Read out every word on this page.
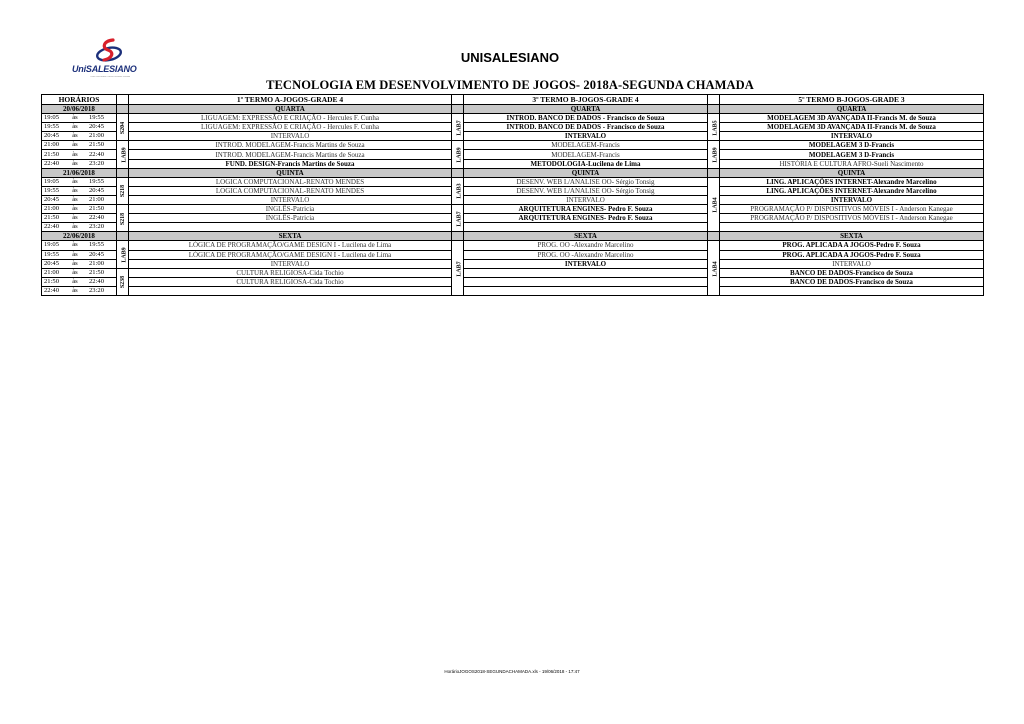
UniSALESIANO
Centro Universitário Católico Salesiano Auxilium
UNISALESIANO
TECNOLOGIA EM DESENVOLVIMENTO DE JOGOS- 2018A-SEGUNDA CHAMADA
HORÁRIOS		1º TERMO A-JOGOS-GRADE 4		3º TERMO B-JOGOS-GRADE 4		5º TERMO B-JOGOS-GRADE 3
20/06/2018		QUARTA		QUARTA		QUARTA
19:05 às 19:55	S204	LIGUAGEM: EXPRESSÃO E CRIAÇÃO - Hercules F. Cunha	LAB7	INTROD. BANCO DE DADOS - Francisco de Souza	LAB5	MODELAGEM 3D AVANÇADA II-Francis M. de Souza
19:55 às 20:45		LIGUAGEM: EXPRESSÃO E CRIAÇÃO - Hercules F. Cunha		INTROD. BANCO DE DADOS - Francisco de Souza		MODELAGEM 3D AVANÇADA II-Francis M. de Souza
20:45 às 21:00		INTERVALO		INTERVALO		INTERVALO
21:00 às 21:50	LAB9	INTROD. MODELAGEM-Francis Martins de Souza	LAB9	MODELAGEM-Francis	LAB9	MODELAGEM 3 D-Francis
21:50 às 22:40		INTROD. MODELAGEM-Francis Martins de Souza		MODELAGEM-Francis		MODELAGEM 3 D-Francis
22:40 às 23:20		FUND. DESIGN-Francis Martins de Souza		METODOLOGIA-Lucilena de Lima		HISTÓRIA E CULTURA AFRO-Sueli Nascimento
21/06/2018		QUINTA		QUINTA		QUINTA
19:05 às 19:55	S218	LOGICA COMPUTACIONAL-RENATO MENDES	LAB3	DESENV. WEB I./ANALISE OO- Sérgio Tonsig	LAB4	LING. APLICAÇÕES INTERNET-Alexandre Marcelino
19:55 às 20:45		LOGICA COMPUTACIONAL-RENATO MENDES		DESENV. WEB I./ANALISE OO- Sérgio Tonsig		LING. APLICAÇÕES INTERNET-Alexandre Marcelino
20:45 às 21:00		INTERVALO		INTERVALO		INTERVALO
21:00 às 21:50	S218	INGLÊS-Patricia	LAB7	ARQUITETURA ENGINES- Pedro F. Souza		PROGRAMAÇÃO P/ DISPOSITIVOS MÓVEIS I - Anderson Kanegae
21:50 às 22:40		INGLÊS-Patricia		ARQUITETURA ENGINES- Pedro F. Souza		PROGRAMAÇÃO P/ DISPOSITIVOS MÓVEIS I - Anderson Kanegae
22:40 às 23:20						
22/06/2018		SEXTA		SEXTA		SEXTA
19:05 às 19:55	LAB9	LÓGICA DE PROGRAMAÇÃO/GAME DESIGN I - Lucilena de Lima	LAB7	PROG. OO -Alexandre Marcelino	LAB4	PROG. APLICADA A JOGOS-Pedro F. Souza
19:55 às 20:45		LÓGICA DE PROGRAMAÇÃO/GAME DESIGN I - Lucilena de Lima		PROG. OO -Alexandre Marcelino		PROG. APLICADA A JOGOS-Pedro F. Souza
20:45 às 21:00		INTERVALO		INTERVALO		INTERVALO
21:00 às 21:50	S238	CULTURA RELIGIOSA-Cida Tochio				BANCO DE DADOS-Francisco de Souza
21:50 às 22:40		CULTURA RELIGIOSA-Cida Tochio				BANCO DE DADOS-Francisco de Souza
22:40 às 23:20						
HorárioJOGOS2018-SEGUNDACHAMADA.xls - 19/06/2018 - 17:47
